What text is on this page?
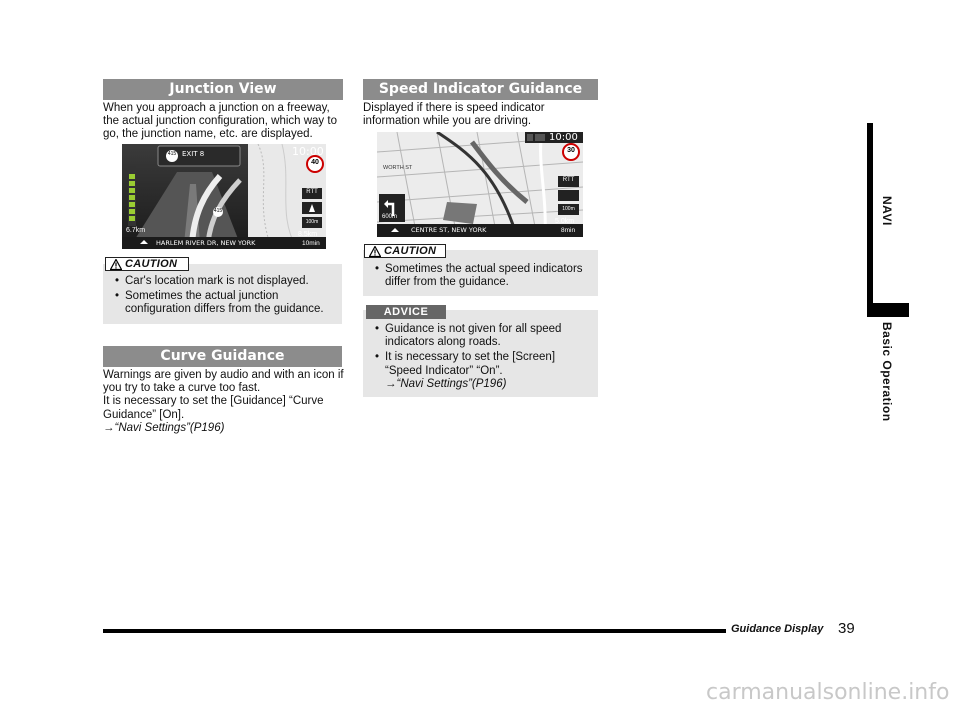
Junction View

When you approach a junction on a freeway, the actual junction configuration, which way to go, the junction name, etc. are displayed.

415 EXIT 8
415
10:00
40
RTT
100m
6.7km
HARLEM RIVER DR, NEW YORK
8.5km
10min
• Car's location mark is not displayed.
• Sometimes the actual junction configuration differs from the guidance.
CAUTION
Curve Guidance

Warnings are given by audio and with an icon if you try to take a curve too fast.

It is necessary to set the [Guidance] “Curve Guidance” [On].

→“Navi Settings”(P196)

Speed Indicator Guidance

Displayed if there is speed indicator information while you are driving.

10:00
30
WORTH ST
RTT
100m
600m
CENTRE ST, NEW YORK
5.0km
8min
• Sometimes the actual speed indicators differ from the guidance.
CAUTION
• Guidance is not given for all speed indicators along roads.
• It is necessary to set the [Screen] “Speed Indicator” “On”.
→“Navi Settings”(P196)
ADVICE
NAVI
Basic Operation
Guidance Display 39
carmanualsonline.info
